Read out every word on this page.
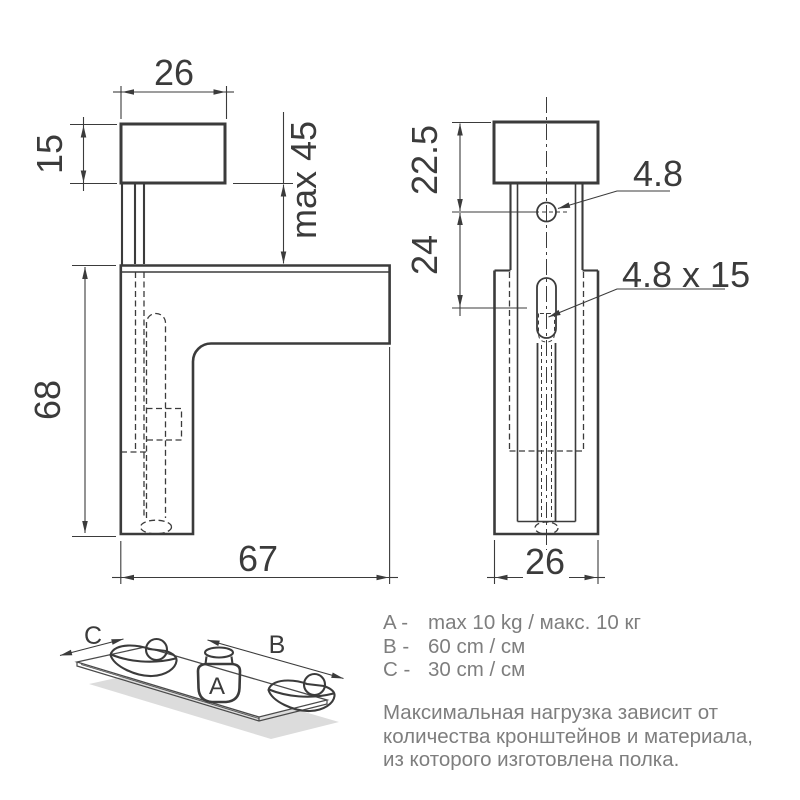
26
15	max 45
68
67
22.5
24
26
4.8
4.8 x 15
A
C	B
A - max 10 kg / макс. 10 кг
B - 60 cm / см
C - 30 cm / см
Максимальная нагрузка зависит от
количества кронштейнов и материала,
из которого изготовлена полка.
